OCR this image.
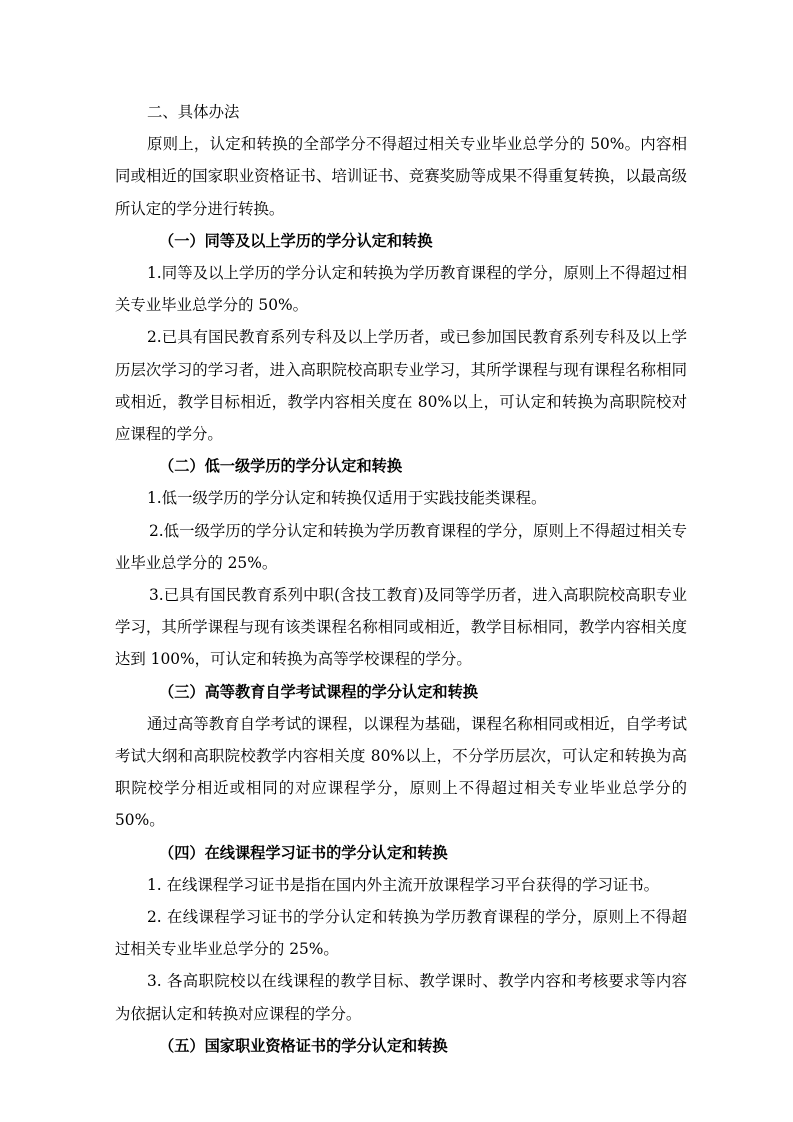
二、具体办法

原则上，认定和转换的全部学分不得超过相关专业毕业总学分的 50%。内容相同或相近的国家职业资格证书、培训证书、竞赛奖励等成果不得重复转换，以最高级所认定的学分进行转换。

（一）同等及以上学历的学分认定和转换

1.同等及以上学历的学分认定和转换为学历教育课程的学分，原则上不得超过相关专业毕业总学分的 50%。

2.已具有国民教育系列专科及以上学历者，或已参加国民教育系列专科及以上学历层次学习的学习者，进入高职院校高职专业学习，其所学课程与现有课程名称相同或相近，教学目标相近，教学内容相关度在 80%以上，可认定和转换为高职院校对应课程的学分。

（二）低一级学历的学分认定和转换

1.低一级学历的学分认定和转换仅适用于实践技能类课程。

2.低一级学历的学分认定和转换为学历教育课程的学分，原则上不得超过相关专业毕业总学分的 25%。

3.已具有国民教育系列中职(含技工教育)及同等学历者，进入高职院校高职专业学习，其所学课程与现有该类课程名称相同或相近，教学目标相同，教学内容相关度达到 100%，可认定和转换为高等学校课程的学分。

（三）高等教育自学考试课程的学分认定和转换

通过高等教育自学考试的课程，以课程为基础，课程名称相同或相近，自学考试考试大纲和高职院校教学内容相关度 80%以上，不分学历层次，可认定和转换为高职院校学分相近或相同的对应课程学分，原则上不得超过相关专业毕业总学分的 50%。

（四）在线课程学习证书的学分认定和转换

1. 在线课程学习证书是指在国内外主流开放课程学习平台获得的学习证书。

2. 在线课程学习证书的学分认定和转换为学历教育课程的学分，原则上不得超过相关专业毕业总学分的 25%。

3. 各高职院校以在线课程的教学目标、教学课时、教学内容和考核要求等内容为依据认定和转换对应课程的学分。

（五）国家职业资格证书的学分认定和转换
